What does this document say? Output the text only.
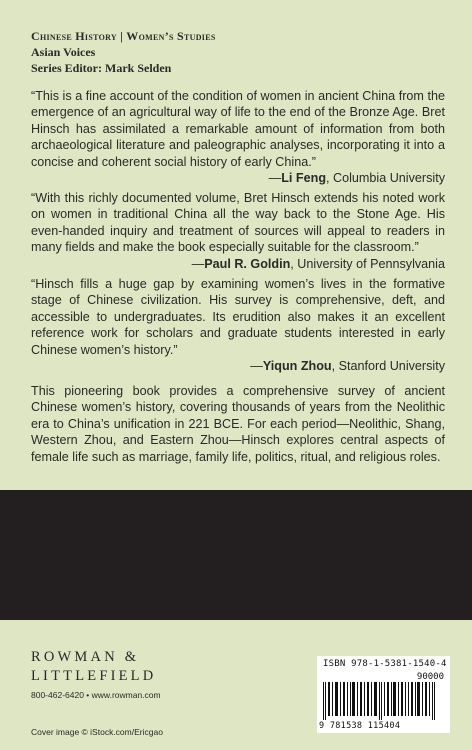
Chinese History | Women’s Studies
Asian Voices
Series Editor: Mark Selden

“This is a fine account of the condition of women in ancient China from the emergence of an agricultural way of life to the end of the Bronze Age. Bret Hinsch has assimilated a remarkable amount of information from both archaeological literature and paleographic analyses, incorporating it into a concise and coherent social history of early China.”

—Li Feng, Columbia University

“With this richly documented volume, Bret Hinsch extends his noted work on women in traditional China all the way back to the Stone Age. His even-handed inquiry and treatment of sources will appeal to readers in many fields and make the book especially suitable for the classroom.”

—Paul R. Goldin, University of Pennsylvania

“Hinsch fills a huge gap by examining women’s lives in the formative stage of Chinese civilization. His survey is comprehensive, deft, and accessible to undergraduates. Its erudition also makes it an excellent reference work for scholars and graduate students interested in early Chinese women’s history.”

—Yiqun Zhou, Stanford University
This pioneering book provides a comprehensive survey of ancient Chinese women’s history, covering thousands of years from the Neolithic era to China’s unification in 221 BCE. For each period—Neolithic, Shang, Western Zhou, and Eastern Zhou—Hinsch explores central aspects of female life such as marriage, family life, politics, ritual, and religious roles.
ROWMAN &
LITTLEFIELD
800-462-6420 • www.rowman.com
Cover image © iStock.com/Ericgao
ISBN 978-1-5381-1540-4
90000
9 781538 115404
